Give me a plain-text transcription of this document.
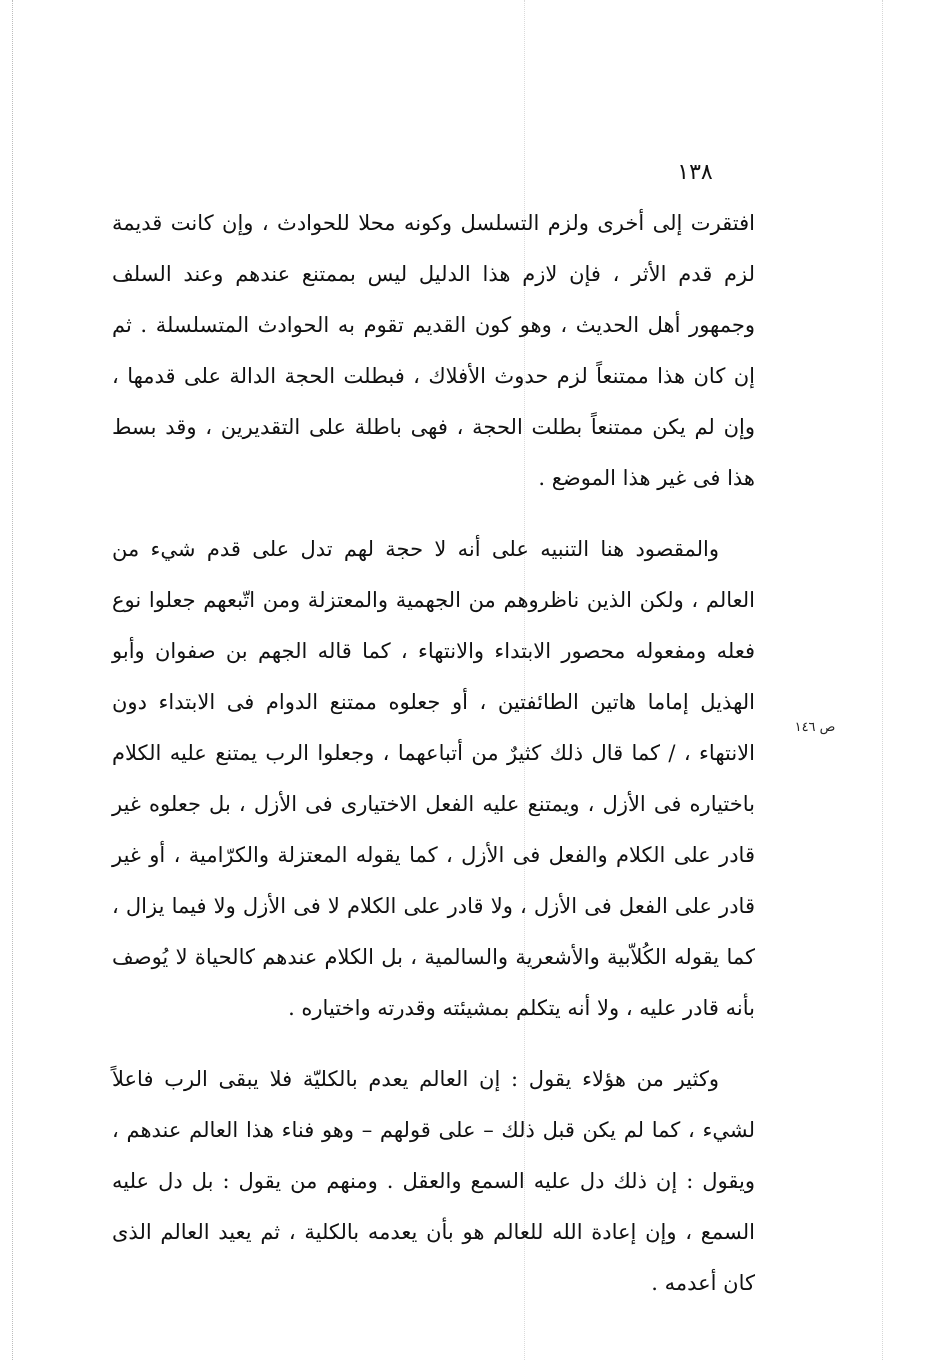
١٣٨
ص ١٤٦

افتقرت إلى أخرى ولزم التسلسل وكونه محلا للحوادث ، وإن كانت قديمة لزم قدم الأثر ، فإن لازم هذا الدليل ليس بممتنع عندهم وعند السلف وجمهور أهل الحديث ، وهو كون القديم تقوم به الحوادث المتسلسلة . ثم إن كان هذا ممتنعاً لزم حدوث الأفلاك ، فبطلت الحجة الدالة على قدمها ، وإن لم يكن ممتنعاً بطلت الحجة ، فهى باطلة على التقديرين ، وقد بسط هذا فى غير هذا الموضع .

والمقصود هنا التنبيه على أنه لا حجة لهم تدل على قدم شيء من العالم ، ولكن الذين ناظروهم من الجهمية والمعتزلة ومن اتّبعهم جعلوا نوع فعله ومفعوله محصور الابتداء والانتهاء ، كما قاله الجهم بن صفوان وأبو الهذيل إماما هاتين الطائفتين ، أو جعلوه ممتنع الدوام فى الابتداء دون الانتهاء ، / كما قال ذلك كثيرٌ من أتباعهما ، وجعلوا الرب يمتنع عليه الكلام باختياره فى الأزل ، ويمتنع عليه الفعل الاختيارى فى الأزل ، بل جعلوه غير قادر على الكلام والفعل فى الأزل ، كما يقوله المعتزلة والكرّامية ، أو غير قادر على الفعل فى الأزل ، ولا قادر على الكلام لا فى الأزل ولا فيما يزال ، كما يقوله الكُلاّبية والأشعرية والسالمية ، بل الكلام عندهم كالحياة لا يُوصف بأنه قادر عليه ، ولا أنه يتكلم بمشيئته وقدرته واختياره .

وكثير من هؤلاء يقول : إن العالم يعدم بالكليّة فلا يبقى الرب فاعلاً لشيء ، كما لم يكن قبل ذلك – على قولهم – وهو فناء هذا العالم عندهم ، ويقول : إن ذلك دل عليه السمع والعقل . ومنهم من يقول : بل دل عليه السمع ، وإن إعادة الله للعالم هو بأن يعدمه بالكلية ، ثم يعيد العالم الذى كان أعدمه .
